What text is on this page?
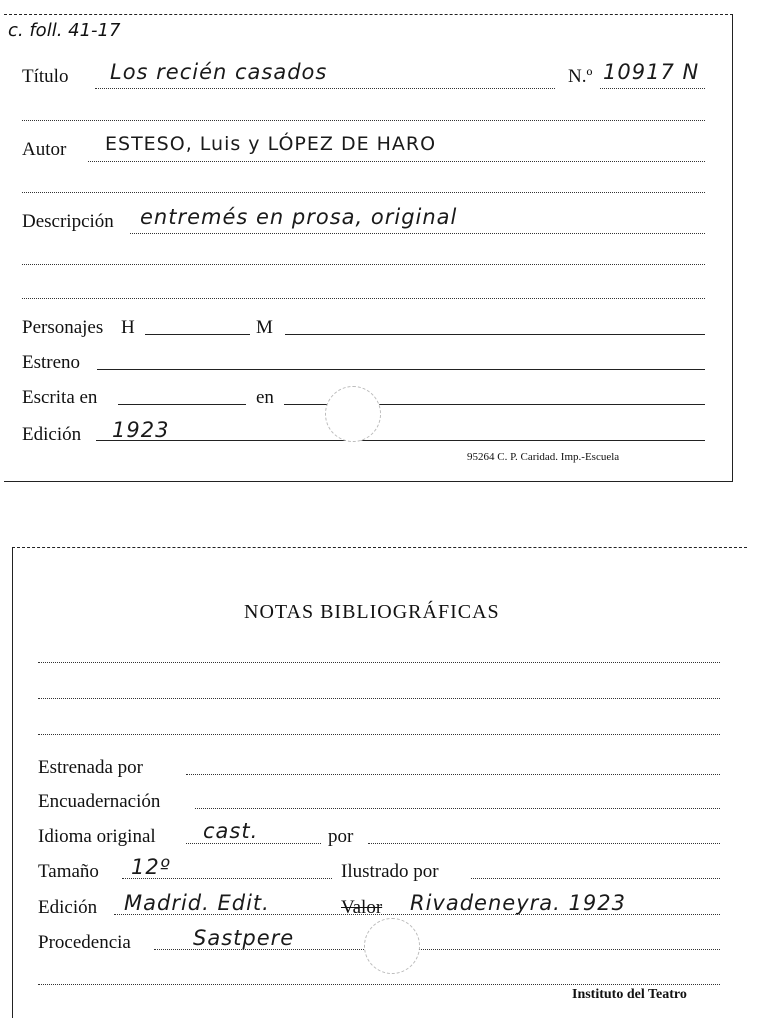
c. foll. 41-17
Título Los recién casados	N.º 10917 N
Autor ESTESO, Luis y LÓPEZ DE HARO
Descripción entremés en prosa, original
Personajes H	M
Estreno
Escrita en	en
Edición 1923
95264 C. P. Caridad. Imp.-Escuela
NOTAS BIBLIOGRÁFICAS
Estrenada por
Encuadernación
Idioma original cast.	por
Tamaño 12º	Ilustrado por
Edición Madrid. Edit.	Valor Rivadeneyra. 1923
Procedencia	Sastpere
Instituto del Teatro
